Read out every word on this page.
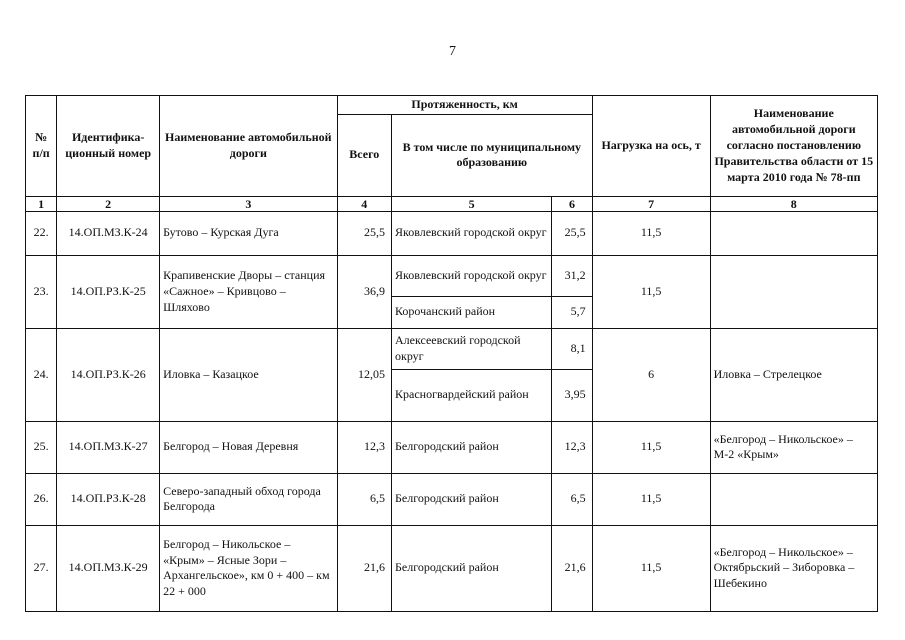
7
№ п/п	Идентифика-ционный номер	Наименование автомобильной дороги	Протяженность, км			Нагрузка на ось, т	Наименование автомобильной дороги согласно постановлению Правительства области от 15 марта 2010 года № 78-пп
			Всего	В том числе по муниципальному образованию			
1	2	3	4	5	6	7	8
22.	14.ОП.МЗ.К-24	Бутово – Курская Дуга	25,5	Яковлевский городской округ	25,5	11,5	
23.	14.ОП.РЗ.К-25	Крапивенские Дворы – станция «Сажное» – Кривцово – Шляхово	36,9	Яковлевский городской округ	31,2	11,5	
				Корочанский район	5,7		
24.	14.ОП.РЗ.К-26	Иловка – Казацкое	12,05	Алексеевский городской округ	8,1	6	Иловка – Стрелецкое
				Красногвардейский район	3,95		
25.	14.ОП.МЗ.К-27	Белгород – Новая Деревня	12,3	Белгородский район	12,3	11,5	«Белгород – Никольское» – М-2 «Крым»
26.	14.ОП.РЗ.К-28	Северо-западный обход города Белгорода	6,5	Белгородский район	6,5	11,5	
27.	14.ОП.МЗ.К-29	Белгород – Никольское – «Крым» – Ясные Зори – Архангельское», км 0 + 400 – км 22 + 000	21,6	Белгородский район	21,6	11,5	«Белгород – Никольское» – Октябрьский – Зиборовка – Шебекино
